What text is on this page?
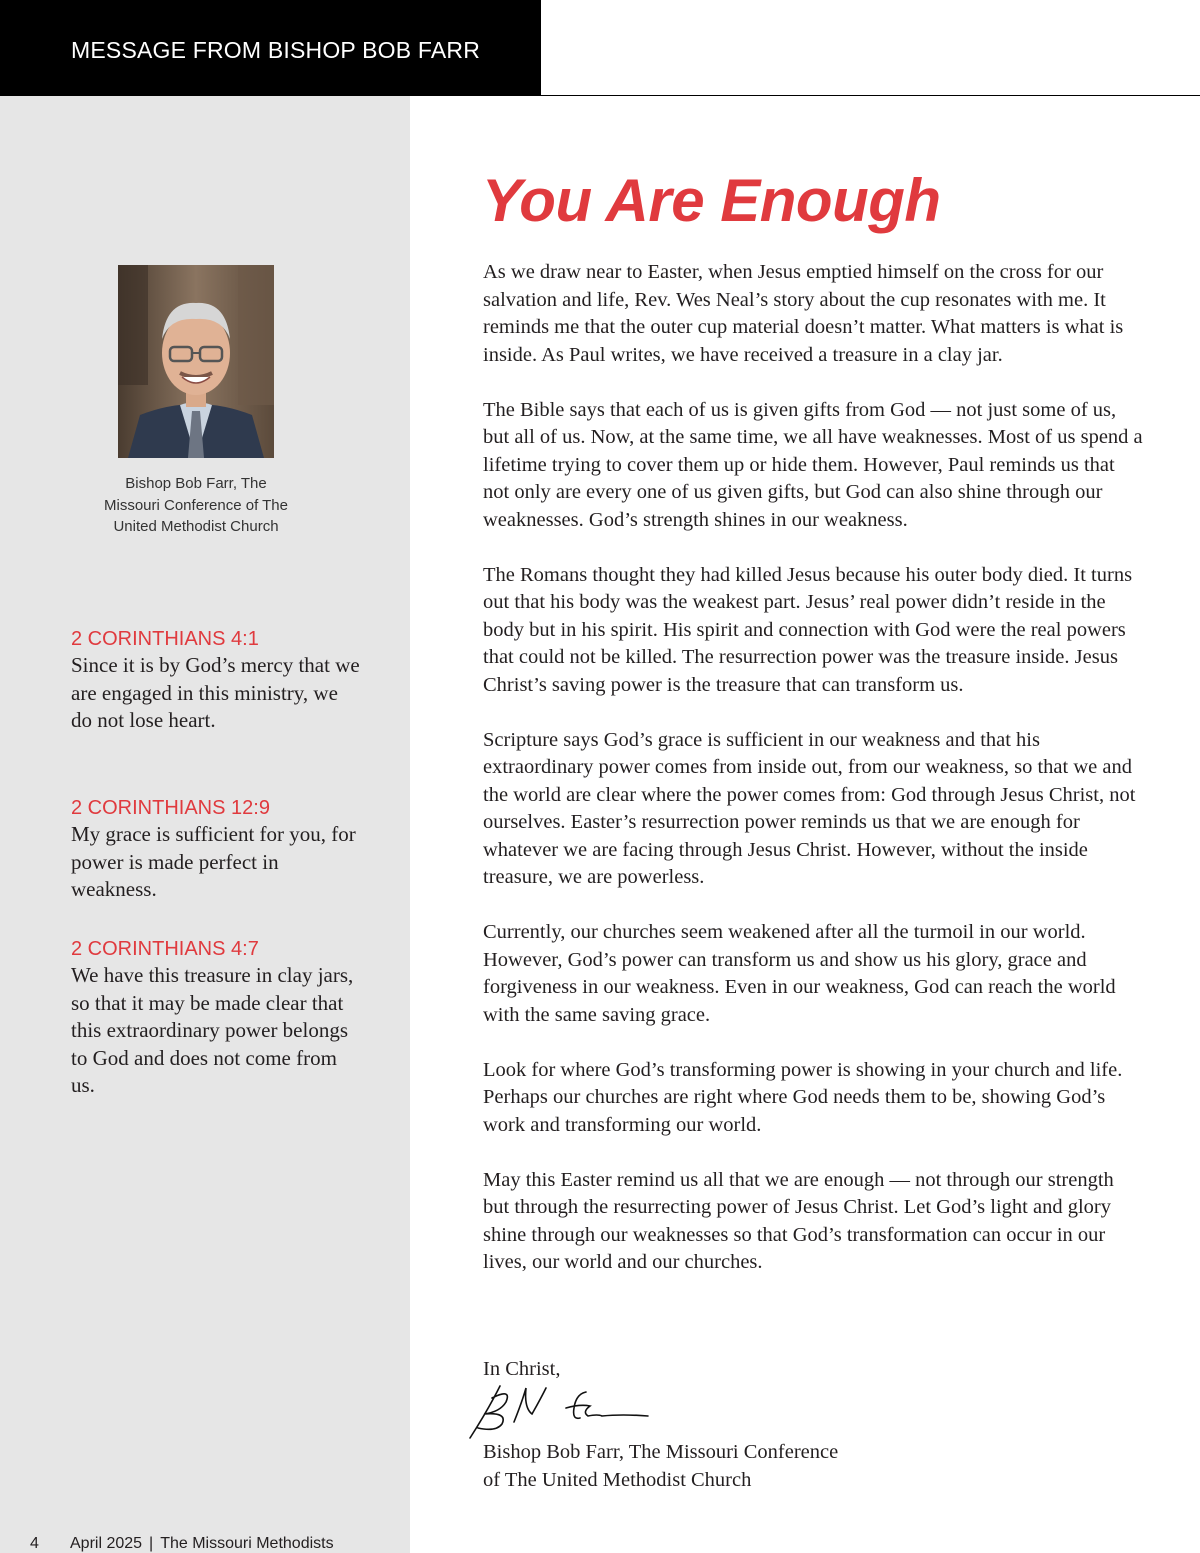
MESSAGE FROM BISHOP BOB FARR
Bishop Bob Farr, The Missouri Conference of The United Methodist Church
2 CORINTHIANS 4:1
Since it is by God’s mercy that we are engaged in this ministry, we do not lose heart.
2 CORINTHIANS 12:9
My grace is sufficient for you, for power is made perfect in weakness.
2 CORINTHIANS 4:7
We have this treasure in clay jars, so that it may be made clear that this extraordinary power belongs to God and does not come from us.
You Are Enough

As we draw near to Easter, when Jesus emptied himself on the cross for our salvation and life, Rev. Wes Neal’s story about the cup resonates with me. It reminds me that the outer cup material doesn’t matter. What matters is what is inside. As Paul writes, we have received a treasure in a clay jar.

The Bible says that each of us is given gifts from God — not just some of us, but all of us. Now, at the same time, we all have weaknesses. Most of us spend a lifetime trying to cover them up or hide them. However, Paul reminds us that not only are every one of us given gifts, but God can also shine through our weaknesses. God’s strength shines in our weakness.

The Romans thought they had killed Jesus because his outer body died. It turns out that his body was the weakest part. Jesus’ real power didn’t reside in the body but in his spirit. His spirit and connection with God were the real powers that could not be killed. The resurrection power was the treasure inside. Jesus Christ’s saving power is the treasure that can transform us.

Scripture says God’s grace is sufficient in our weakness and that his extraordinary power comes from inside out, from our weakness, so that we and the world are clear where the power comes from: God through Jesus Christ, not ourselves. Easter’s resurrection power reminds us that we are enough for whatever we are facing through Jesus Christ. However, without the inside treasure, we are powerless.

Currently, our churches seem weakened after all the turmoil in our world. However, God’s power can transform us and show us his glory, grace and forgiveness in our weakness. Even in our weakness, God can reach the world with the same saving grace.

Look for where God’s transforming power is showing in your church and life. Perhaps our churches are right where God needs them to be, showing God’s work and transforming our world.

May this Easter remind us all that we are enough — not through our strength but through the resurrecting power of Jesus Christ. Let God’s light and glory shine through our weaknesses so that God’s transformation can occur in our lives, our world and our churches.

In Christ,
Bishop Bob Farr, The Missouri Conference
of The United Methodist Church
4 April 2025 | The Missouri Methodists
